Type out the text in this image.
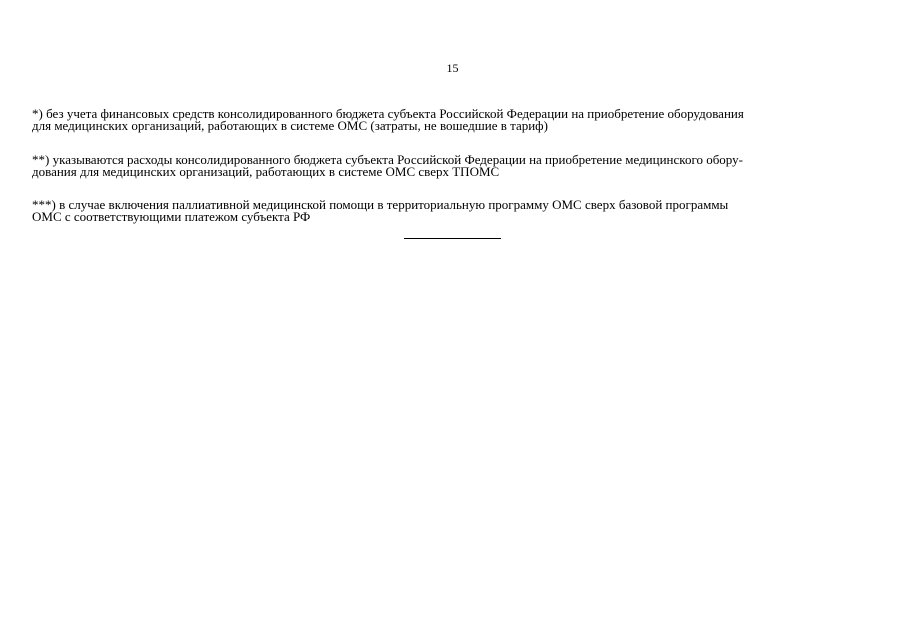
15
*) без учета финансовых средств консолидированного бюджета субъекта Российской Федерации на приобретение оборудования
для медицинских организаций, работающих в системе ОМС (затраты, не вошедшие в тариф)
**) указываются расходы консолидированного бюджета субъекта Российской Федерации на приобретение медицинского обору-
дования для медицинских организаций, работающих в системе ОМС сверх ТПОМС
***) в случае включения паллиативной медицинской помощи в территориальную программу ОМС сверх базовой программы
ОМС с соответствующими платежом субъекта РФ
